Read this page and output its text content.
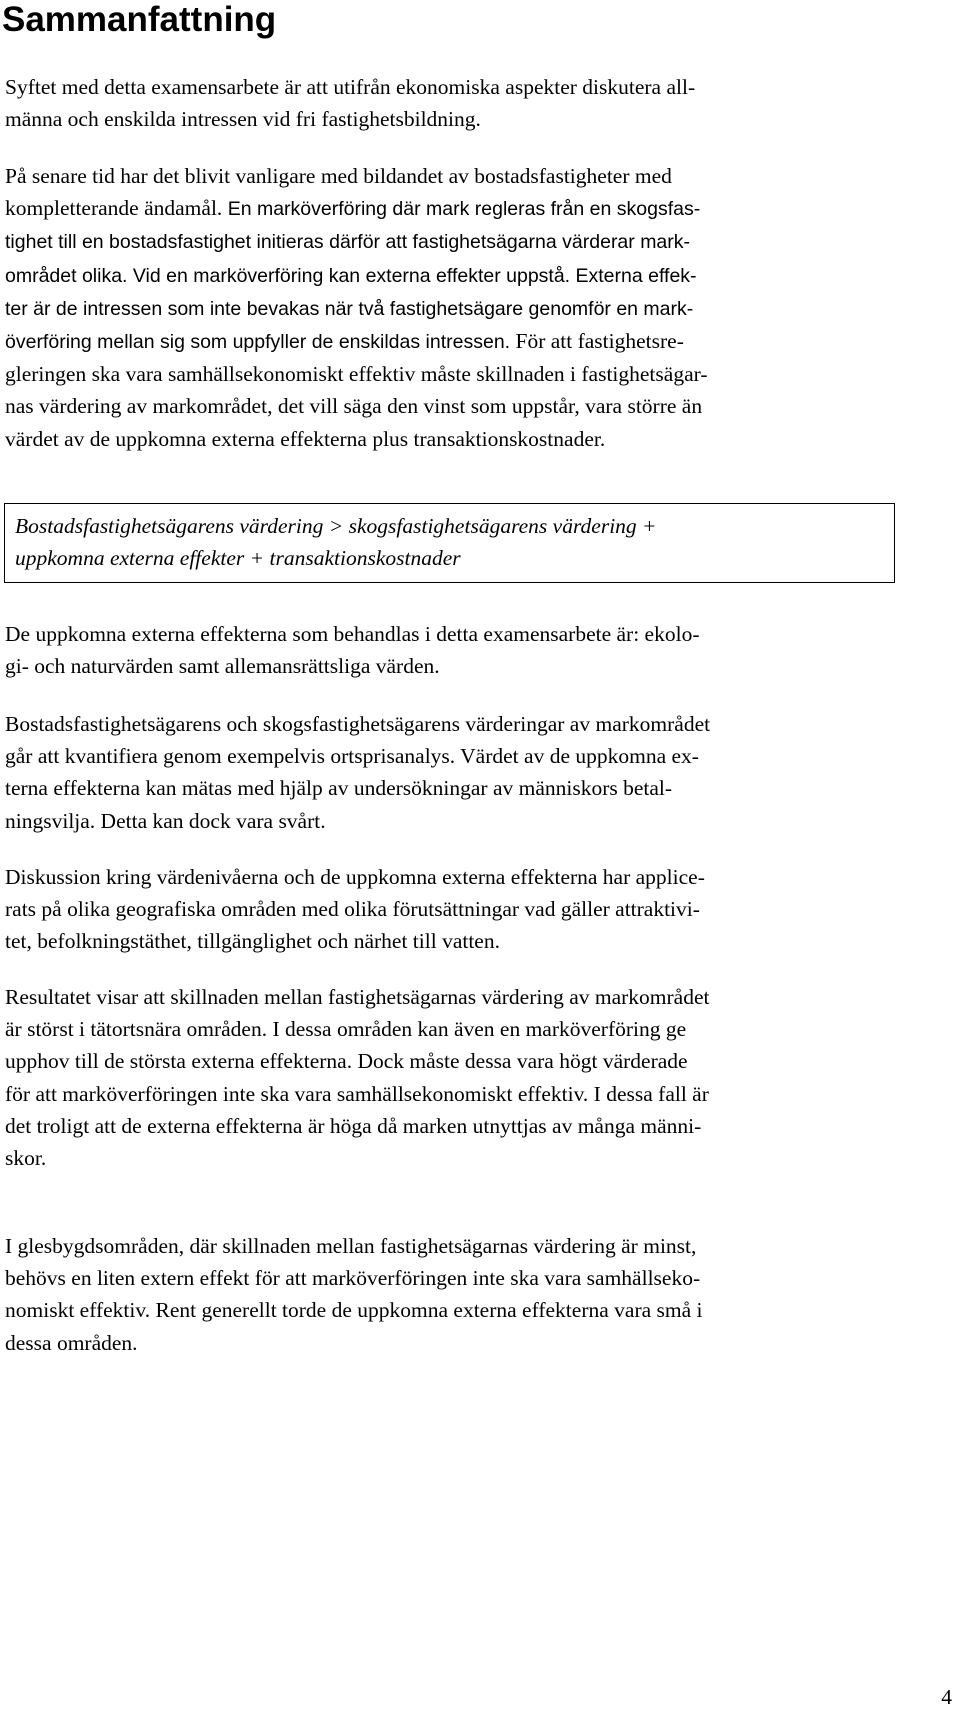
Sammanfattning

Syftet med detta examensarbete är att utifrån ekonomiska aspekter diskutera all-
männa och enskilda intressen vid fri fastighetsbildning.

På senare tid har det blivit vanligare med bildandet av bostadsfastigheter med
kompletterande ändamål. En marköverföring där mark regleras från en skogsfas-
tighet till en bostadsfastighet initieras därför att fastighetsägarna värderar mark-
området olika. Vid en marköverföring kan externa effekter uppstå. Externa effek-
ter är de intressen som inte bevakas när två fastighetsägare genomför en mark-
överföring mellan sig som uppfyller de enskildas intressen. För att fastighetsre-
gleringen ska vara samhällsekonomiskt effektiv måste skillnaden i fastighetsägar-
nas värdering av markområdet, det vill säga den vinst som uppstår, vara större än
värdet av de uppkomna externa effekterna plus transaktionskostnader.

Bostadsfastighetsägarens värdering > skogsfastighetsägarens värdering +
uppkomna externa effekter + transaktionskostnader

De uppkomna externa effekterna som behandlas i detta examensarbete är: ekolo-
gi- och naturvärden samt allemansrättsliga värden.

Bostadsfastighetsägarens och skogsfastighetsägarens värderingar av markområdet
går att kvantifiera genom exempelvis ortsprisanalys. Värdet av de uppkomna ex-
terna effekterna kan mätas med hjälp av undersökningar av människors betal-
ningsvilja. Detta kan dock vara svårt.

Diskussion kring värdenivåerna och de uppkomna externa effekterna har applice-
rats på olika geografiska områden med olika förutsättningar vad gäller attraktivi-
tet, befolkningstäthet, tillgänglighet och närhet till vatten.

Resultatet visar att skillnaden mellan fastighetsägarnas värdering av markområdet
är störst i tätortsnära områden. I dessa områden kan även en marköverföring ge
upphov till de största externa effekterna. Dock måste dessa vara högt värderade
för att marköverföringen inte ska vara samhällsekonomiskt effektiv. I dessa fall är
det troligt att de externa effekterna är höga då marken utnyttjas av många männi-
skor.

I glesbygdsområden, där skillnaden mellan fastighetsägarnas värdering är minst,
behövs en liten extern effekt för att marköverföringen inte ska vara samhällseko-
nomiskt effektiv. Rent generellt torde de uppkomna externa effekterna vara små i
dessa områden.

4
